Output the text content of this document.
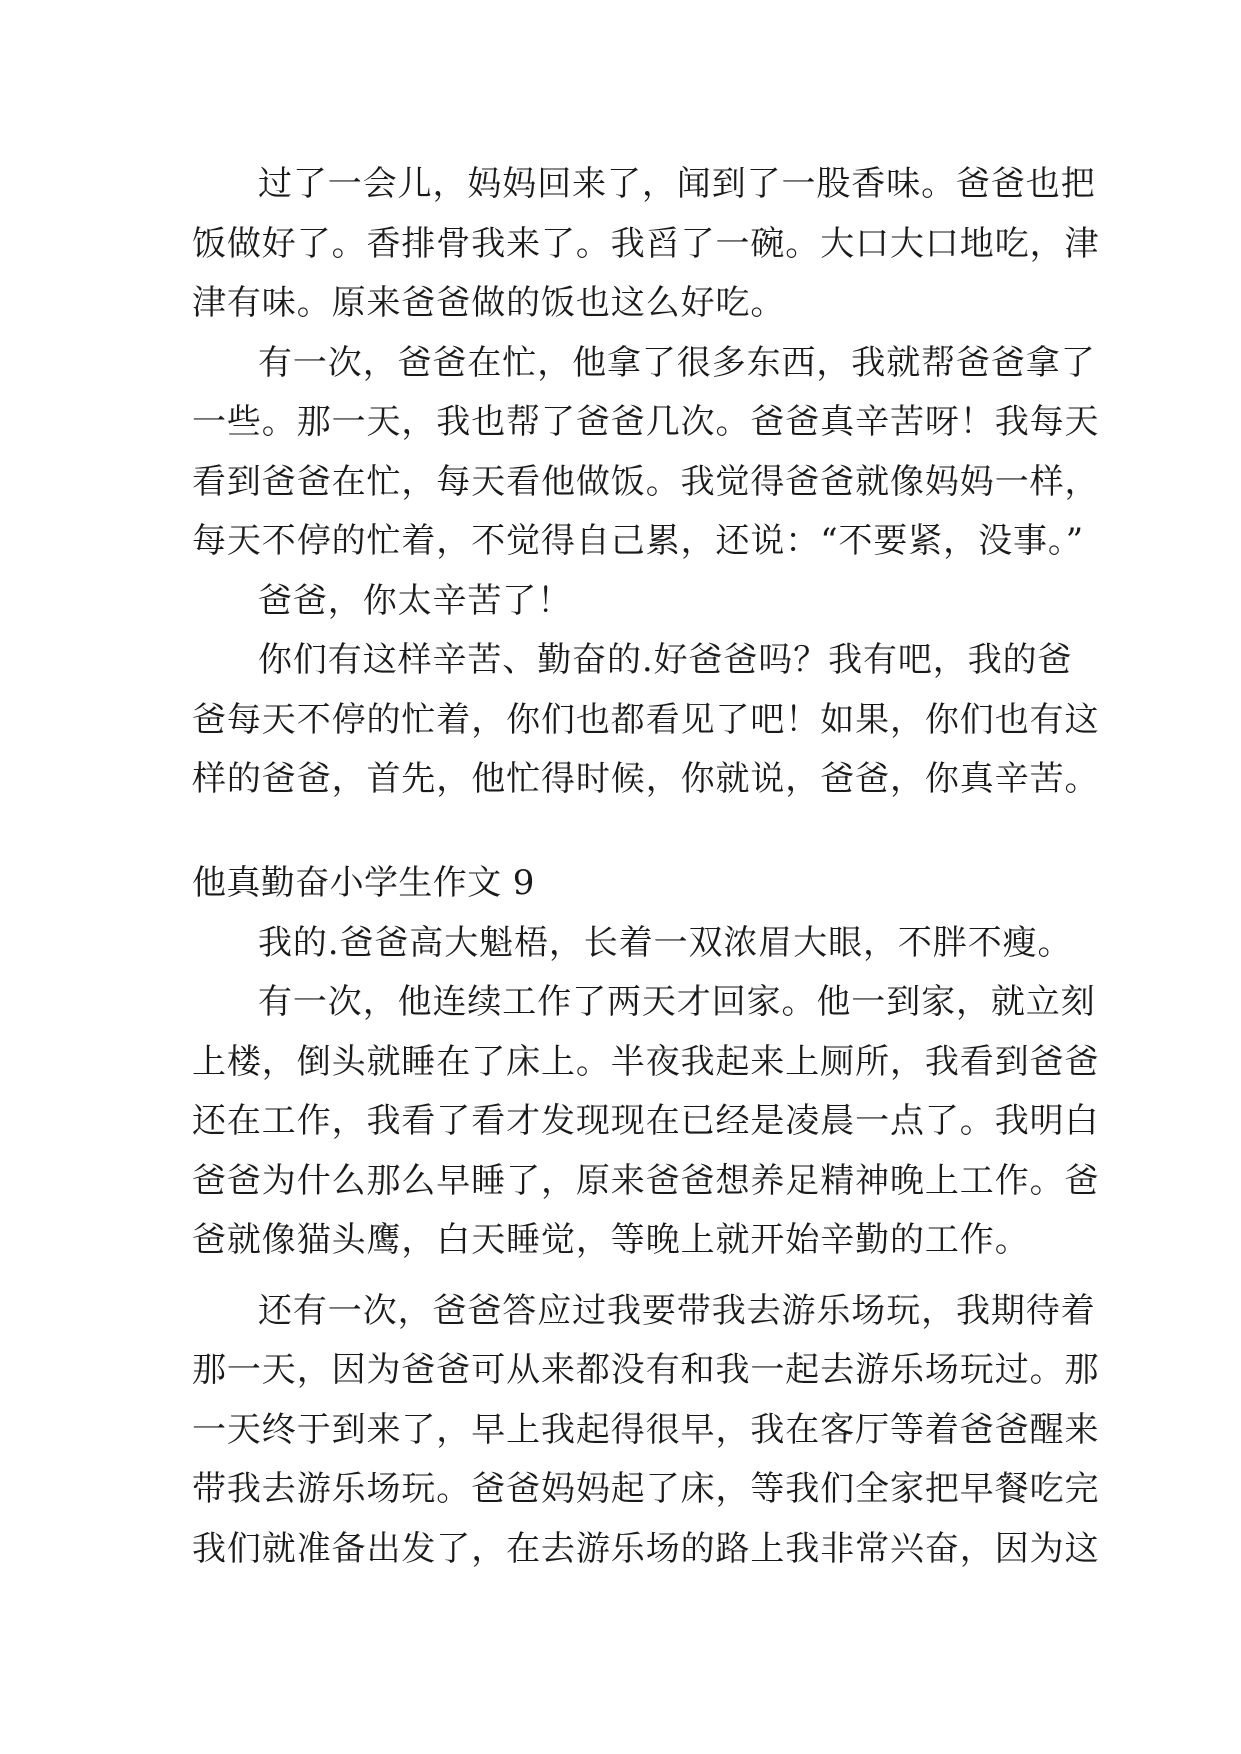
过了一会儿，妈妈回来了，闻到了一股香味。爸爸也把
饭做好了。香排骨我来了。我舀了一碗。大口大口地吃，津
津有味。原来爸爸做的饭也这么好吃。
有一次，爸爸在忙，他拿了很多东西，我就帮爸爸拿了
一些。那一天，我也帮了爸爸几次。爸爸真辛苦呀！我每天
看到爸爸在忙，每天看他做饭。我觉得爸爸就像妈妈一样，
每天不停的忙着，不觉得自己累，还说：“不要紧，没事。”
爸爸，你太辛苦了！
你们有这样辛苦、勤奋的.好爸爸吗？我有吧，我的爸
爸每天不停的忙着，你们也都看见了吧！如果，你们也有这
样的爸爸，首先，他忙得时候，你就说，爸爸，你真辛苦。
他真勤奋小学生作文 9
我的.爸爸高大魁梧，长着一双浓眉大眼，不胖不瘦。
有一次，他连续工作了两天才回家。他一到家，就立刻
上楼，倒头就睡在了床上。半夜我起来上厕所，我看到爸爸
还在工作，我看了看才发现现在已经是凌晨一点了。我明白
爸爸为什么那么早睡了，原来爸爸想养足精神晚上工作。爸
爸就像猫头鹰，白天睡觉，等晚上就开始辛勤的工作。
还有一次，爸爸答应过我要带我去游乐场玩，我期待着
那一天，因为爸爸可从来都没有和我一起去游乐场玩过。那
一天终于到来了，早上我起得很早，我在客厅等着爸爸醒来
带我去游乐场玩。爸爸妈妈起了床，等我们全家把早餐吃完
我们就准备出发了，在去游乐场的路上我非常兴奋，因为这
